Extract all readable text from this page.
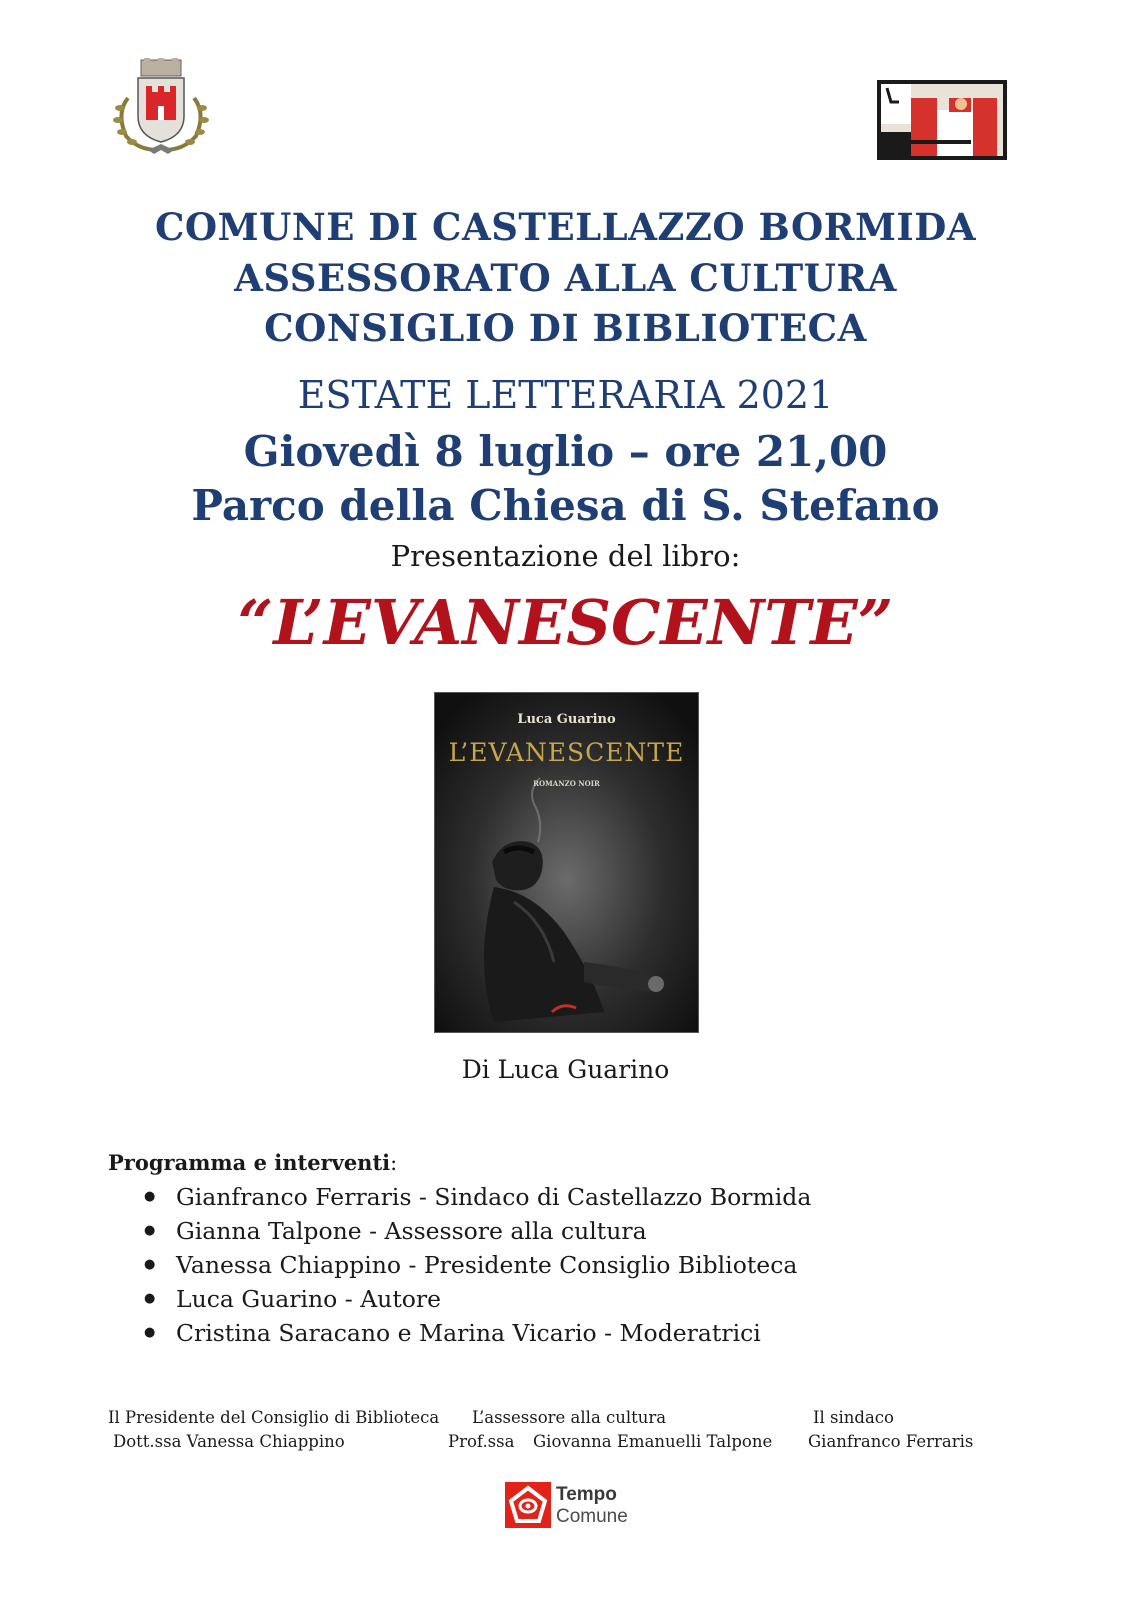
COMUNE DI CASTELLAZZO BORMIDA
ASSESSORATO ALLA CULTURA
CONSIGLIO DI BIBLIOTECA
ESTATE LETTERARIA 2021
Giovedì 8 luglio – ore 21,00
Parco della Chiesa di S. Stefano
Presentazione del libro:
“L’EVANESCENTE”
Luca Guarino
L’EVANESCENTE
ROMANZO NOIR
Di Luca Guarino
Programma e interventi:
● Gianfranco Ferraris - Sindaco di Castellazzo Bormida
● Gianna Talpone - Assessore alla cultura
● Vanessa Chiappino - Presidente Consiglio Biblioteca
● Luca Guarino - Autore
● Cristina Saracano e Marina Vicario - Moderatrici
Il Presidente del Consiglio di Biblioteca
Dott.ssa Vanessa Chiappino
L’assessore alla cultura
Prof.ssa Giovanna Emanuelli Talpone
Il sindaco
Gianfranco Ferraris
Tempo
Comune
